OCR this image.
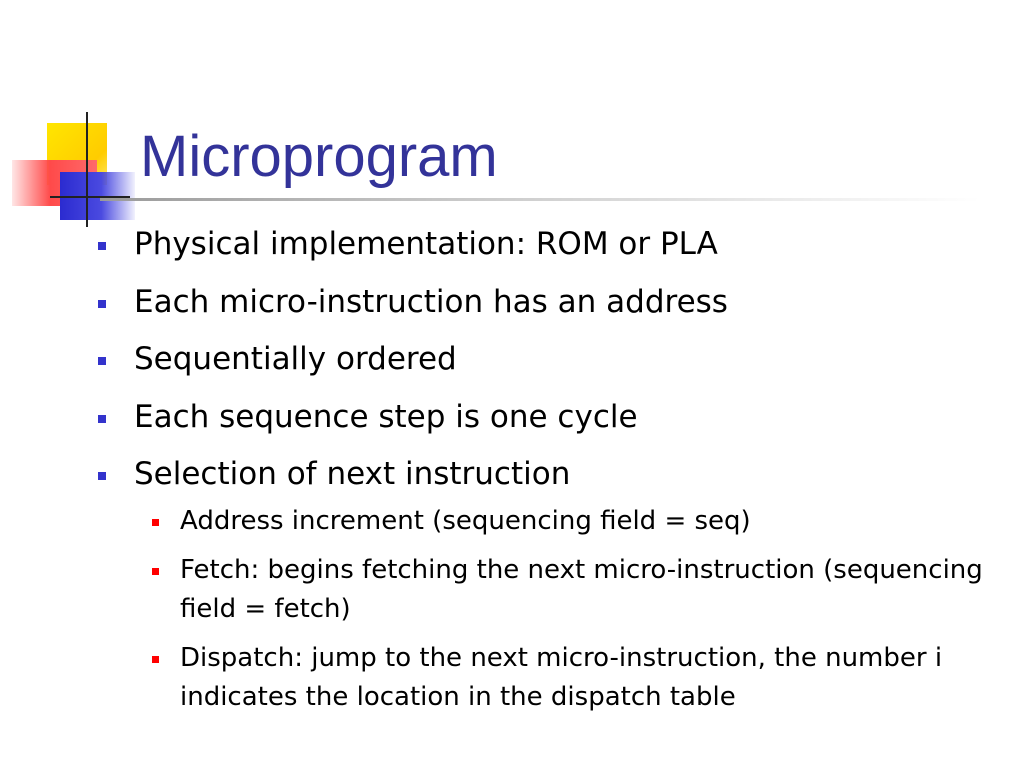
Microprogram
Physical implementation: ROM or PLA
Each micro-instruction has an address
Sequentially ordered
Each sequence step is one cycle
Selection of next instruction
Address increment (sequencing field = seq)
Fetch: begins fetching the next micro-instruction (sequencing field = fetch)
Dispatch: jump to the next micro-instruction, the number i indicates the location in the dispatch table
